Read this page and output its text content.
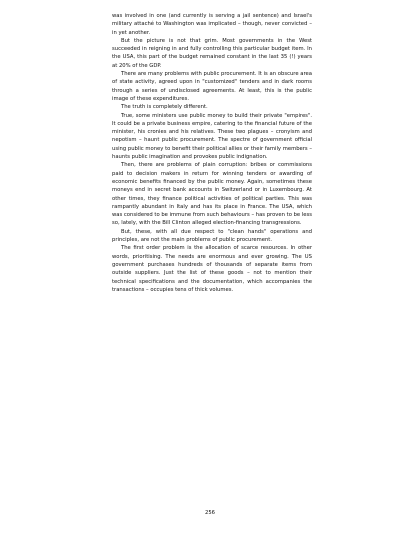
was involved in one (and currently is serving a jail sentence) and Israel's military attaché to Washington was implicated – though, never convicted – in yet another.

But the picture is not that grim. Most governments in the West succeeded in reigning in and fully controlling this particular budget item. In the USA, this part of the budget remained constant in the last 35 (!) years at 20% of the GDP.

There are many problems with public procurement. It is an obscure area of state activity, agreed upon in "customized" tenders and in dark rooms through a series of undisclosed agreements. At least, this is the public image of these expenditures.

The truth is completely different.

True, some ministers use public money to build their private "empires". It could be a private business empire, catering to the financial future of the minister, his cronies and his relatives. These two plagues – cronyism and nepotism – haunt public procurement. The spectre of government official using public money to benefit their political allies or their family members – haunts public imagination and provokes public indignation.

Then, there are problems of plain corruption: bribes or commissions paid to decision makers in return for winning tenders or awarding of economic benefits financed by the public money. Again, sometimes these moneys end in secret bank accounts in Switzerland or in Luxembourg. At other times, they finance political activities of political parties. This was rampantly abundant in Italy and has its place in France. The USA, which was considered to be immune from such behaviours – has proven to be less so, lately, with the Bill Clinton alleged election-financing transgressions.

But, these, with all due respect to "clean hands" operations and principles, are not the main problems of public procurement.

The first order problem is the allocation of scarce resources. In other words, prioritising. The needs are enormous and ever growing. The US government purchases hundreds of thousands of separate items from outside suppliers. Just the list of these goods – not to mention their technical specifications and the documentation, which accompanies the transactions – occupies tens of thick volumes.

256
